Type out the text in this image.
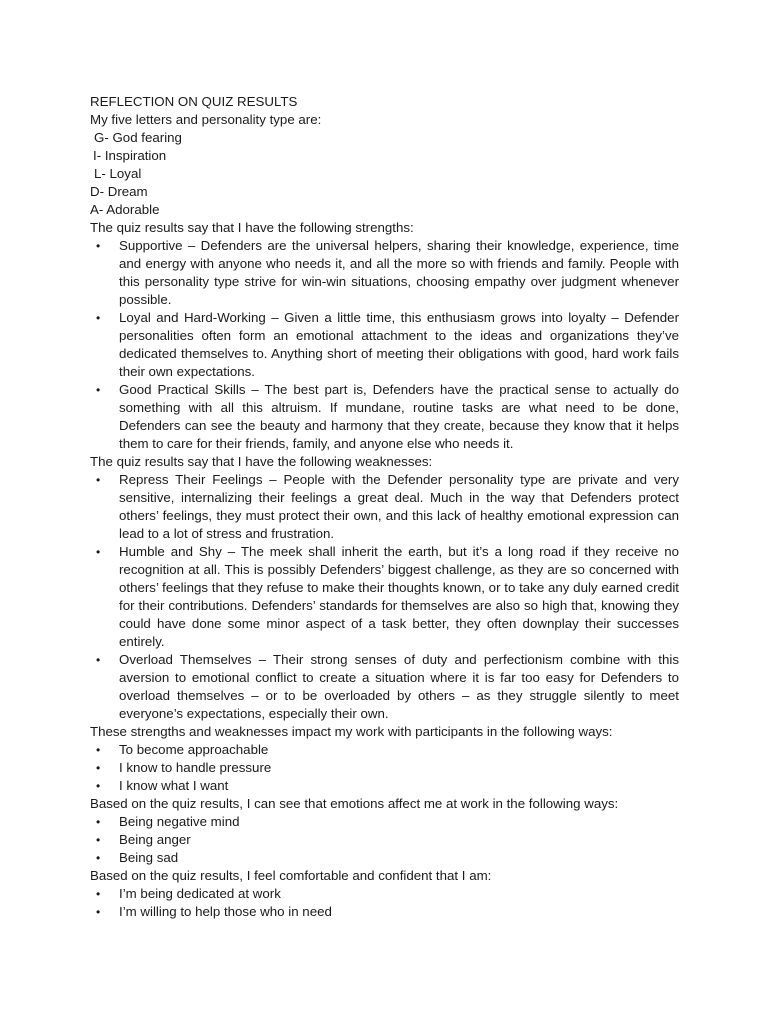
REFLECTION ON QUIZ RESULTS

My five letters and personality type are:

G- God fearing

I- Inspiration

L- Loyal

D- Dream

A- Adorable

The quiz results say that I have the following strengths:

• Supportive – Defenders are the universal helpers, sharing their knowledge, experience, time and energy with anyone who needs it, and all the more so with friends and family. People with this personality type strive for win-win situations, choosing empathy over judgment whenever possible.
• Loyal and Hard-Working – Given a little time, this enthusiasm grows into loyalty – Defender personalities often form an emotional attachment to the ideas and organizations they’ve dedicated themselves to. Anything short of meeting their obligations with good, hard work fails their own expectations.
• Good Practical Skills – The best part is, Defenders have the practical sense to actually do something with all this altruism. If mundane, routine tasks are what need to be done, Defenders can see the beauty and harmony that they create, because they know that it helps them to care for their friends, family, and anyone else who needs it.

The quiz results say that I have the following weaknesses:

• Repress Their Feelings – People with the Defender personality type are private and very sensitive, internalizing their feelings a great deal. Much in the way that Defenders protect others’ feelings, they must protect their own, and this lack of healthy emotional expression can lead to a lot of stress and frustration.
• Humble and Shy – The meek shall inherit the earth, but it’s a long road if they receive no recognition at all. This is possibly Defenders’ biggest challenge, as they are so concerned with others’ feelings that they refuse to make their thoughts known, or to take any duly earned credit for their contributions. Defenders’ standards for themselves are also so high that, knowing they could have done some minor aspect of a task better, they often downplay their successes entirely.
• Overload Themselves – Their strong senses of duty and perfectionism combine with this aversion to emotional conflict to create a situation where it is far too easy for Defenders to overload themselves – or to be overloaded by others – as they struggle silently to meet everyone’s expectations, especially their own.

These strengths and weaknesses impact my work with participants in the following ways:

• To become approachable
• I know to handle pressure
• I know what I want

Based on the quiz results, I can see that emotions affect me at work in the following ways:

• Being negative mind
• Being anger
• Being sad

Based on the quiz results, I feel comfortable and confident that I am:

• I’m being dedicated at work
• I’m willing to help those who in need
